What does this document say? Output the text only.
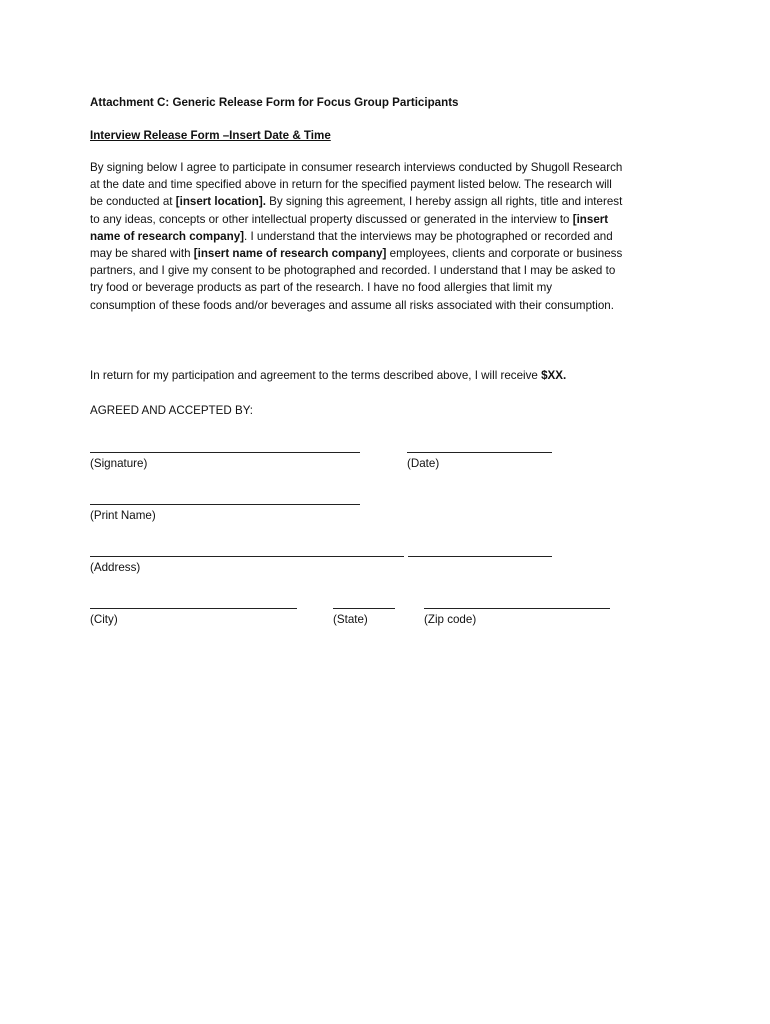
Attachment C: Generic Release Form for Focus Group Participants
Interview Release Form –Insert Date & Time
By signing below I agree to participate in consumer research interviews conducted by Shugoll Research
at the date and time specified above in return for the specified payment listed below. The research will
be conducted at [insert location]. By signing this agreement, I hereby assign all rights, title and interest
to any ideas, concepts or other intellectual property discussed or generated in the interview to [insert
name of research company]. I understand that the interviews may be photographed or recorded and
may be shared with [insert name of research company] employees, clients and corporate or business
partners, and I give my consent to be photographed and recorded. I understand that I may be asked to
try food or beverage products as part of the research. I have no food allergies that limit my
consumption of these foods and/or beverages and assume all risks associated with their consumption.
In return for my participation and agreement to the terms described above, I will receive $XX.
AGREED AND ACCEPTED BY:
(Signature)	(Date)
(Print Name)
(Address)
(City)	(State)	(Zip code)
